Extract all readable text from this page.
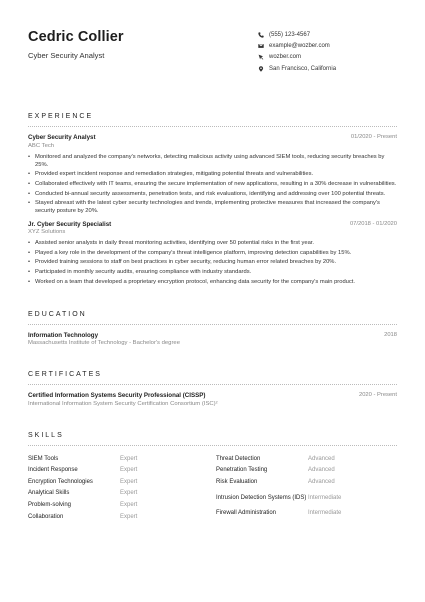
Cedric Collier
Cyber Security Analyst
(555) 123-4567
example@wozber.com
wozber.com
San Francisco, California
EXPERIENCE
Cyber Security Analyst	01/2020 - Present
ABC Tech
• Monitored and analyzed the company's networks, detecting malicious activity using advanced SIEM tools, reducing security breaches by 25%.
• Provided expert incident response and remediation strategies, mitigating potential threats and vulnerabilities.
• Collaborated effectively with IT teams, ensuring the secure implementation of new applications, resulting in a 30% decrease in vulnerabilities.
• Conducted bi-annual security assessments, penetration tests, and risk evaluations, identifying and addressing over 100 potential threats.
• Stayed abreast with the latest cyber security technologies and trends, implementing protective measures that increased the company's security posture by 20%.
Jr. Cyber Security Specialist	07/2018 - 01/2020
XYZ Solutions
• Assisted senior analysts in daily threat monitoring activities, identifying over 50 potential risks in the first year.
• Played a key role in the development of the company's threat intelligence platform, improving detection capabilities by 15%.
• Provided training sessions to staff on best practices in cyber security, reducing human error related breaches by 20%.
• Participated in monthly security audits, ensuring compliance with industry standards.
• Worked on a team that developed a proprietary encryption protocol, enhancing data security for the company's main product.
EDUCATION
Information Technology	2018
Massachusetts Institute of Technology - Bachelor's degree
CERTIFICATES
Certified Information Systems Security Professional (CISSP)	2020 - Present
International Information System Security Certification Consortium (ISC)²
SKILLS
SIEM Tools	Expert
Incident Response	Expert
Encryption Technologies	Expert
Analytical Skills	Expert
Problem-solving	Expert
Collaboration	Expert
Threat Detection	Advanced
Penetration Testing	Advanced
Risk Evaluation	Advanced
Intrusion Detection Systems (IDS) Intermediate
Firewall Administration	Intermediate
